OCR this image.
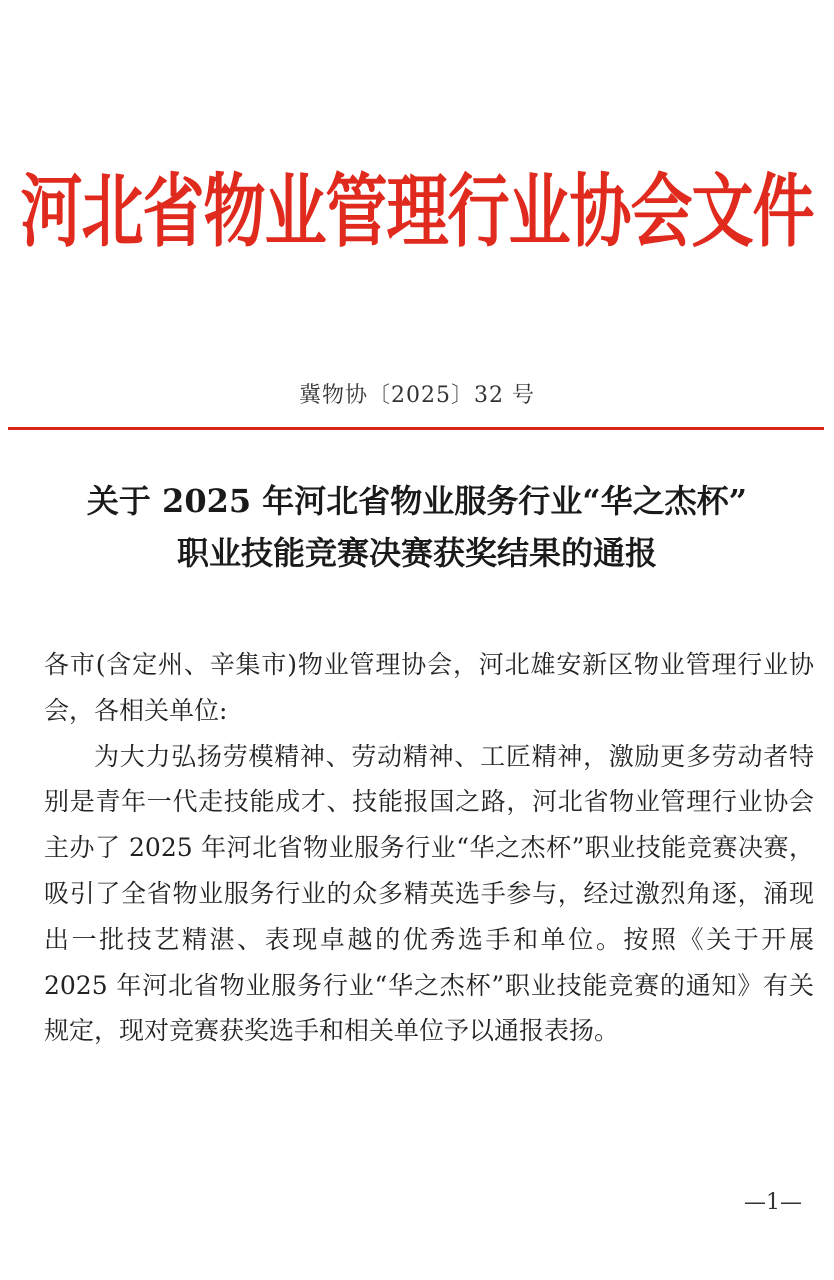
河北省物业管理行业协会文件
冀物协〔2025〕32 号
关于 2025 年河北省物业服务行业“华之杰杯”
职业技能竞赛决赛获奖结果的通报

各市(含定州、辛集市)物业管理协会，河北雄安新区物业管理行业协会，各相关单位:

为大力弘扬劳模精神、劳动精神、工匠精神，激励更多劳动者特别是青年一代走技能成才、技能报国之路，河北省物业管理行业协会主办了 2025 年河北省物业服务行业“华之杰杯”职业技能竞赛决赛，吸引了全省物业服务行业的众多精英选手参与，经过激烈角逐，涌现出一批技艺精湛、表现卓越的优秀选手和单位。按照《关于开展 2025 年河北省物业服务行业“华之杰杯”职业技能竞赛的通知》有关规定，现对竞赛获奖选手和相关单位予以通报表扬。

—1—
